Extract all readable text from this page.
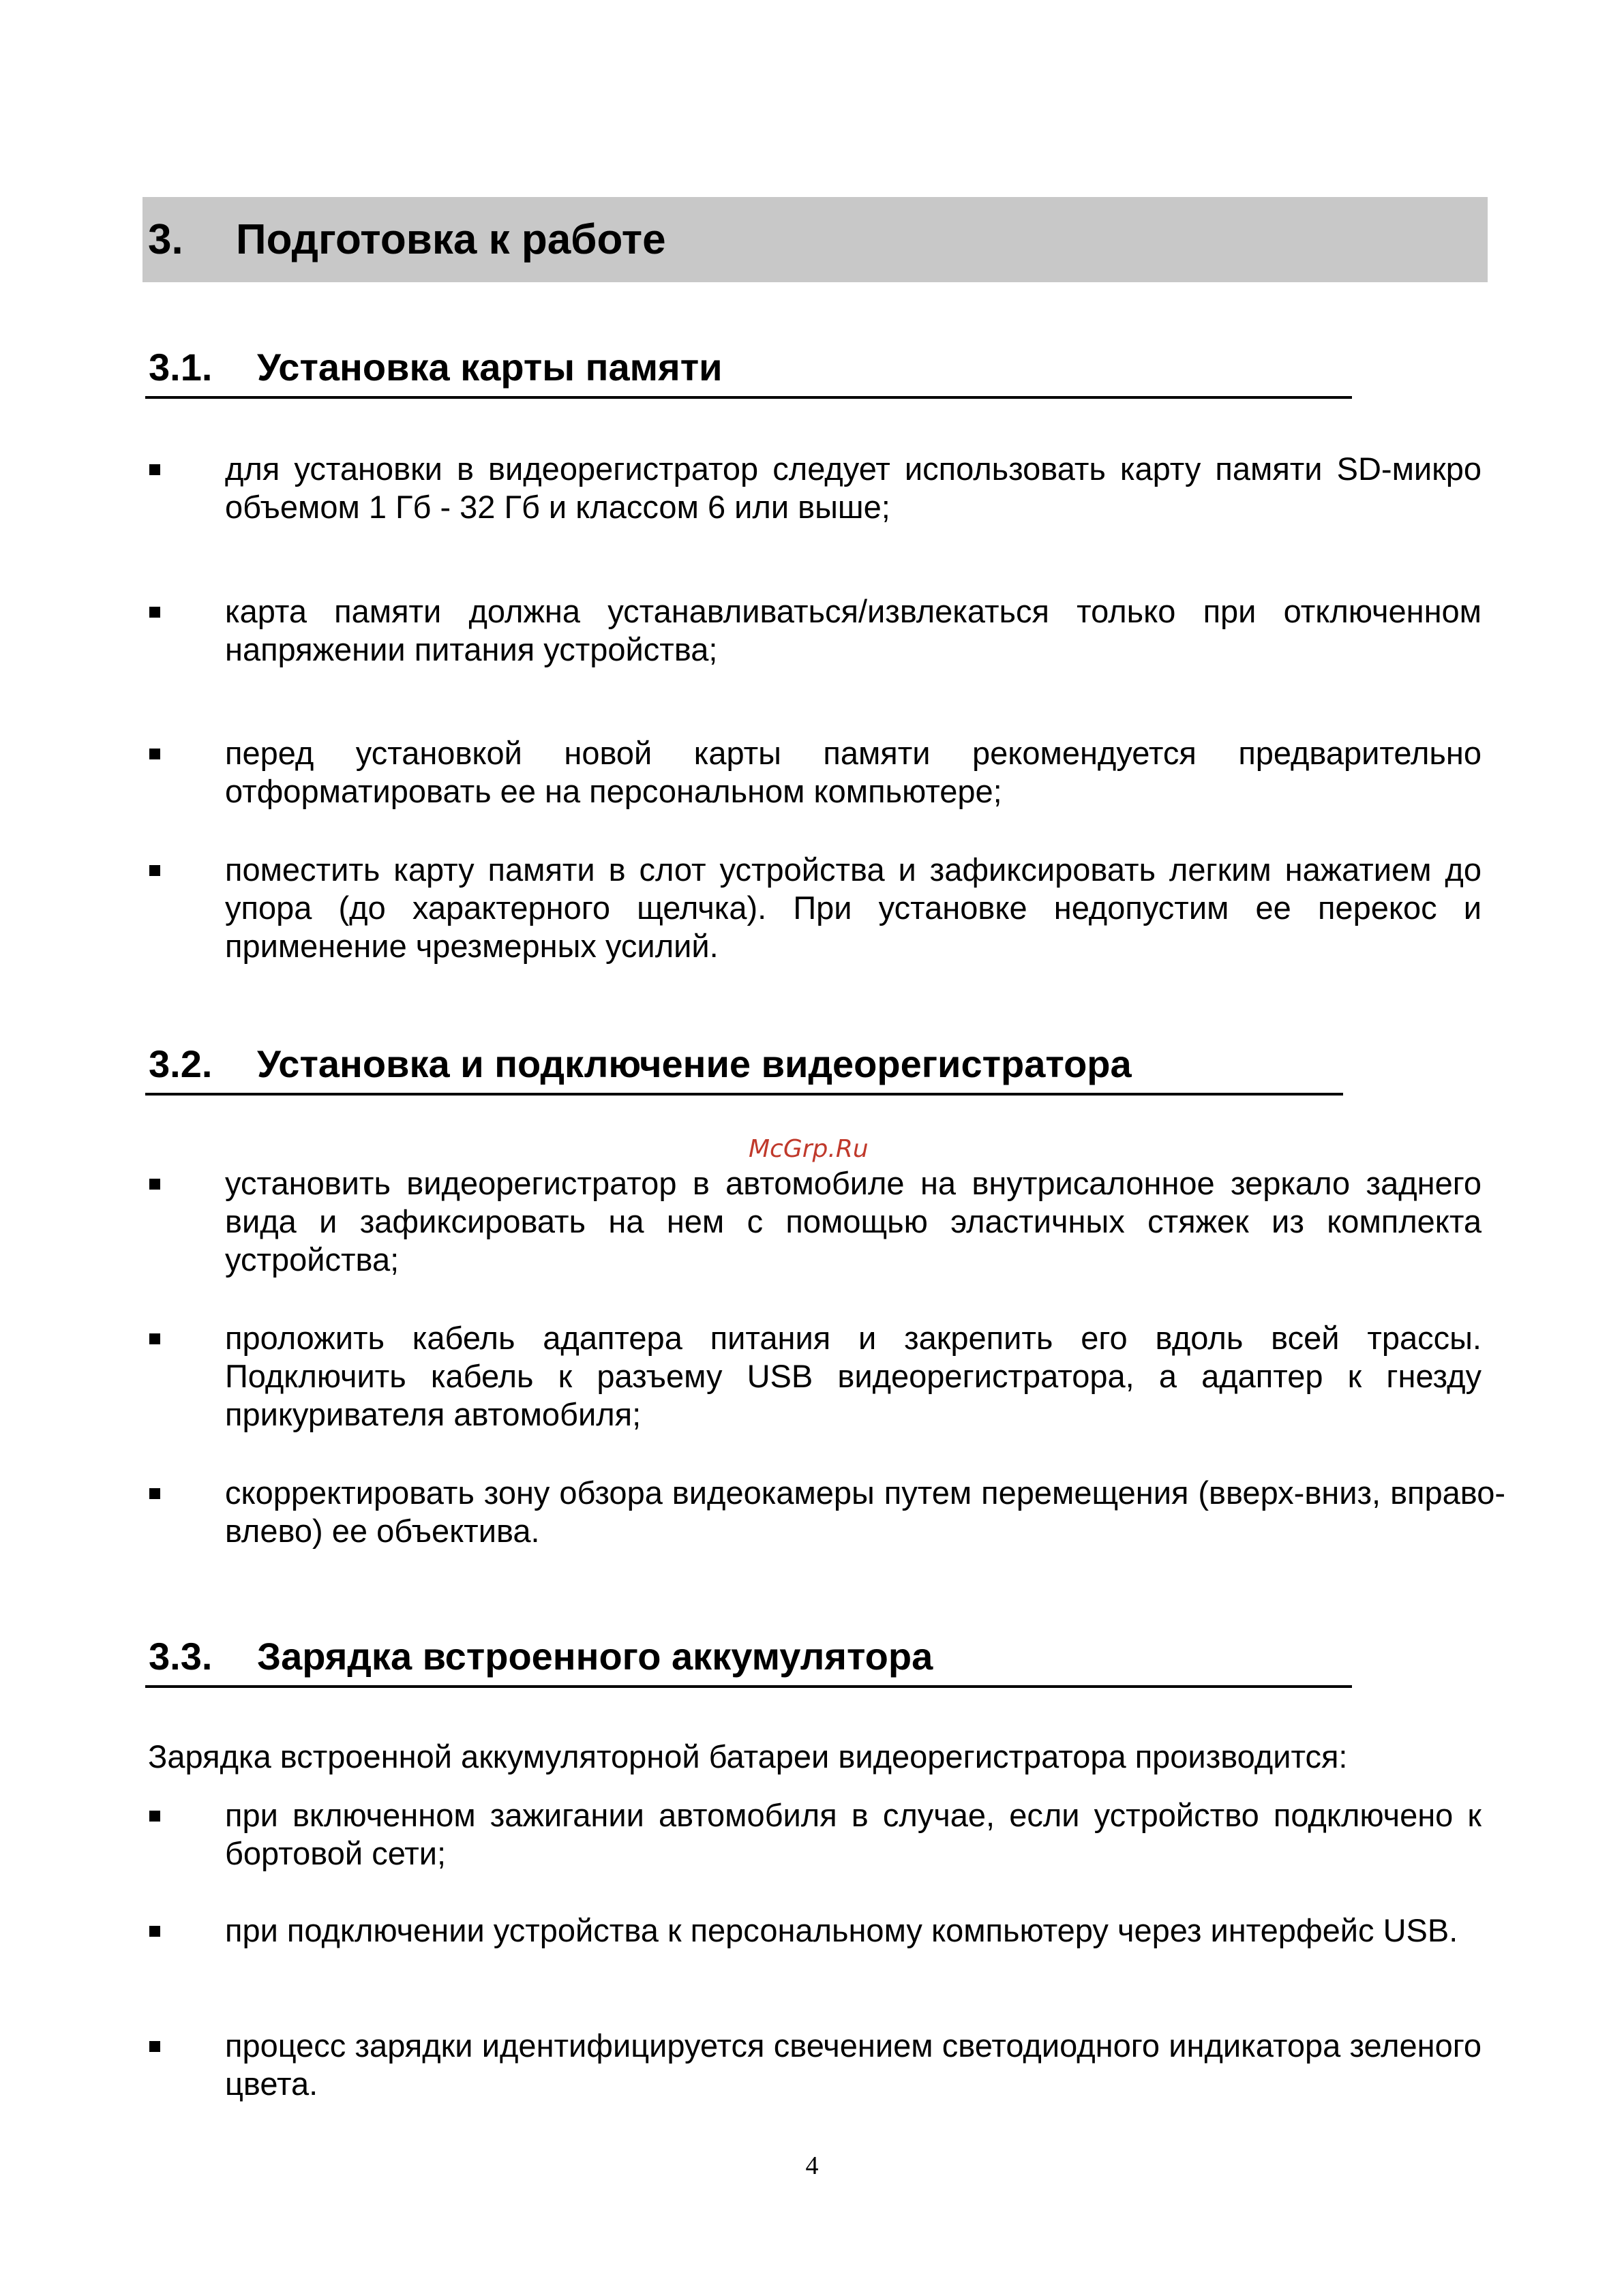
3. Подготовка к работе
3.1. Установка карты памяти
для установки в видеорегистратор следует использовать карту памяти SD-микро объемом 1 Гб - 32 Гб и классом 6 или выше;
карта памяти должна устанавливаться/извлекаться только при отключенном напряжении питания устройства;
перед установкой новой карты памяти рекомендуется предварительно отформатировать ее на персональном компьютере;
поместить карту памяти в слот устройства и зафиксировать легким нажатием до упора (до характерного щелчка). При установке недопустим ее перекос и применение чрезмерных усилий.
3.2. Установка и подключение видеорегистратора
McGrp.Ru
установить видеорегистратор в автомобиле на внутрисалонное зеркало заднего вида и зафиксировать на нем с помощью эластичных стяжек из комплекта устройства;
проложить кабель адаптера питания и закрепить его вдоль всей трассы. Подключить кабель к разъему USB видеорегистратора, а адаптер к гнезду прикуривателя автомобиля;
скорректировать зону обзора видеокамеры путем перемещения (вверх-вниз, вправо-влево) ее объектива.
3.3. Зарядка встроенного аккумулятора
Зарядка встроенной аккумуляторной батареи видеорегистратора производится:
при включенном зажигании автомобиля в случае, если устройство подключено к бортовой сети;
при подключении устройства к персональному компьютеру через интерфейс USB.
процесс зарядки идентифицируется свечением светодиодного индикатора зеленого цвета.
4
